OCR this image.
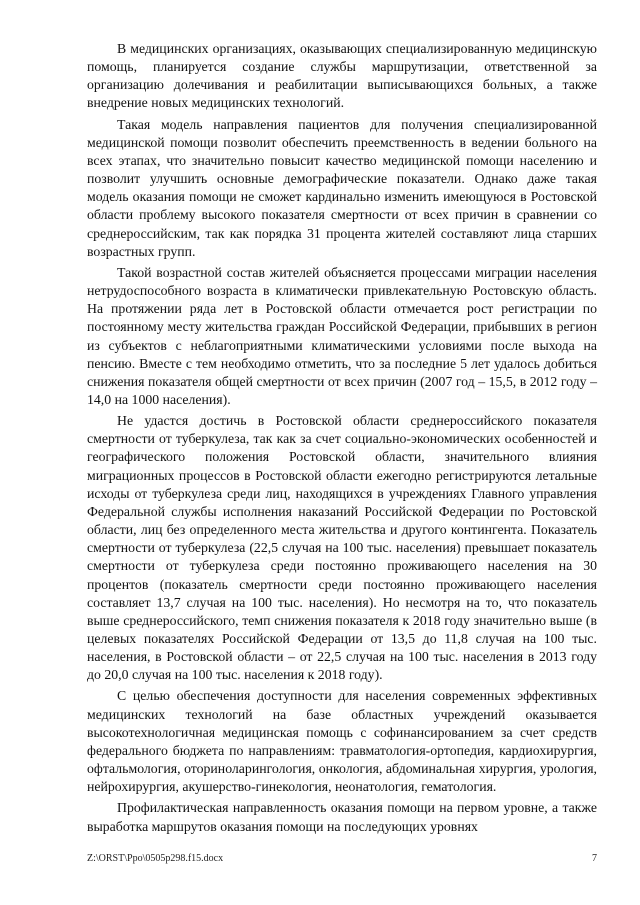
В медицинских организациях, оказывающих специализированную медицинскую помощь, планируется создание службы маршрутизации, ответственной за организацию долечивания и реабилитации выписывающихся больных, а также внедрение новых медицинских технологий.

Такая модель направления пациентов для получения специализированной медицинской помощи позволит обеспечить преемственность в ведении больного на всех этапах, что значительно повысит качество медицинской помощи населению и позволит улучшить основные демографические показатели. Однако даже такая модель оказания помощи не сможет кардинально изменить имеющуюся в Ростовской области проблему высокого показателя смертности от всех причин в сравнении со среднероссийским, так как порядка 31 процента жителей составляют лица старших возрастных групп.

Такой возрастной состав жителей объясняется процессами миграции населения нетрудоспособного возраста в климатически привлекательную Ростовскую область. На протяжении ряда лет в Ростовской области отмечается рост регистрации по постоянному месту жительства граждан Российской Федерации, прибывших в регион из субъектов с неблагоприятными климатическими условиями после выхода на пенсию. Вместе с тем необходимо отметить, что за последние 5 лет удалось добиться снижения показателя общей смертности от всех причин (2007 год – 15,5, в 2012 году – 14,0 на 1000 населения).

Не удастся достичь в Ростовской области среднероссийского показателя смертности от туберкулеза, так как за счет социально-экономических особенностей и географического положения Ростовской области, значительного влияния миграционных процессов в Ростовской области ежегодно регистрируются летальные исходы от туберкулеза среди лиц, находящихся в учреждениях Главного управления Федеральной службы исполнения наказаний Российской Федерации по Ростовской области, лиц без определенного места жительства и другого контингента. Показатель смертности от туберкулеза (22,5 случая на 100 тыс. населения) превышает показатель смертности от туберкулеза среди постоянно проживающего населения на 30 процентов (показатель смертности среди постоянно проживающего населения составляет 13,7 случая на 100 тыс. населения). Но несмотря на то, что показатель выше среднероссийского, темп снижения показателя к 2018 году значительно выше (в целевых показателях Российской Федерации от 13,5 до 11,8 случая на 100 тыс. населения, в Ростовской области – от 22,5 случая на 100 тыс. населения в 2013 году до 20,0 случая на 100 тыс. населения к 2018 году).

С целью обеспечения доступности для населения современных эффективных медицинских технологий на базе областных учреждений оказывается высокотехнологичная медицинская помощь с софинансированием за счет средств федерального бюджета по направлениям: травматология-ортопедия, кардиохирургия, офтальмология, оториноларингология, онкология, абдоминальная хирургия, урология, нейрохирургия, акушерство-гинекология, неонатология, гематология.

Профилактическая направленность оказания помощи на первом уровне, а также выработка маршрутов оказания помощи на последующих уровнях

Z:\ORST\Ppo\0505p298.f15.docx	7
